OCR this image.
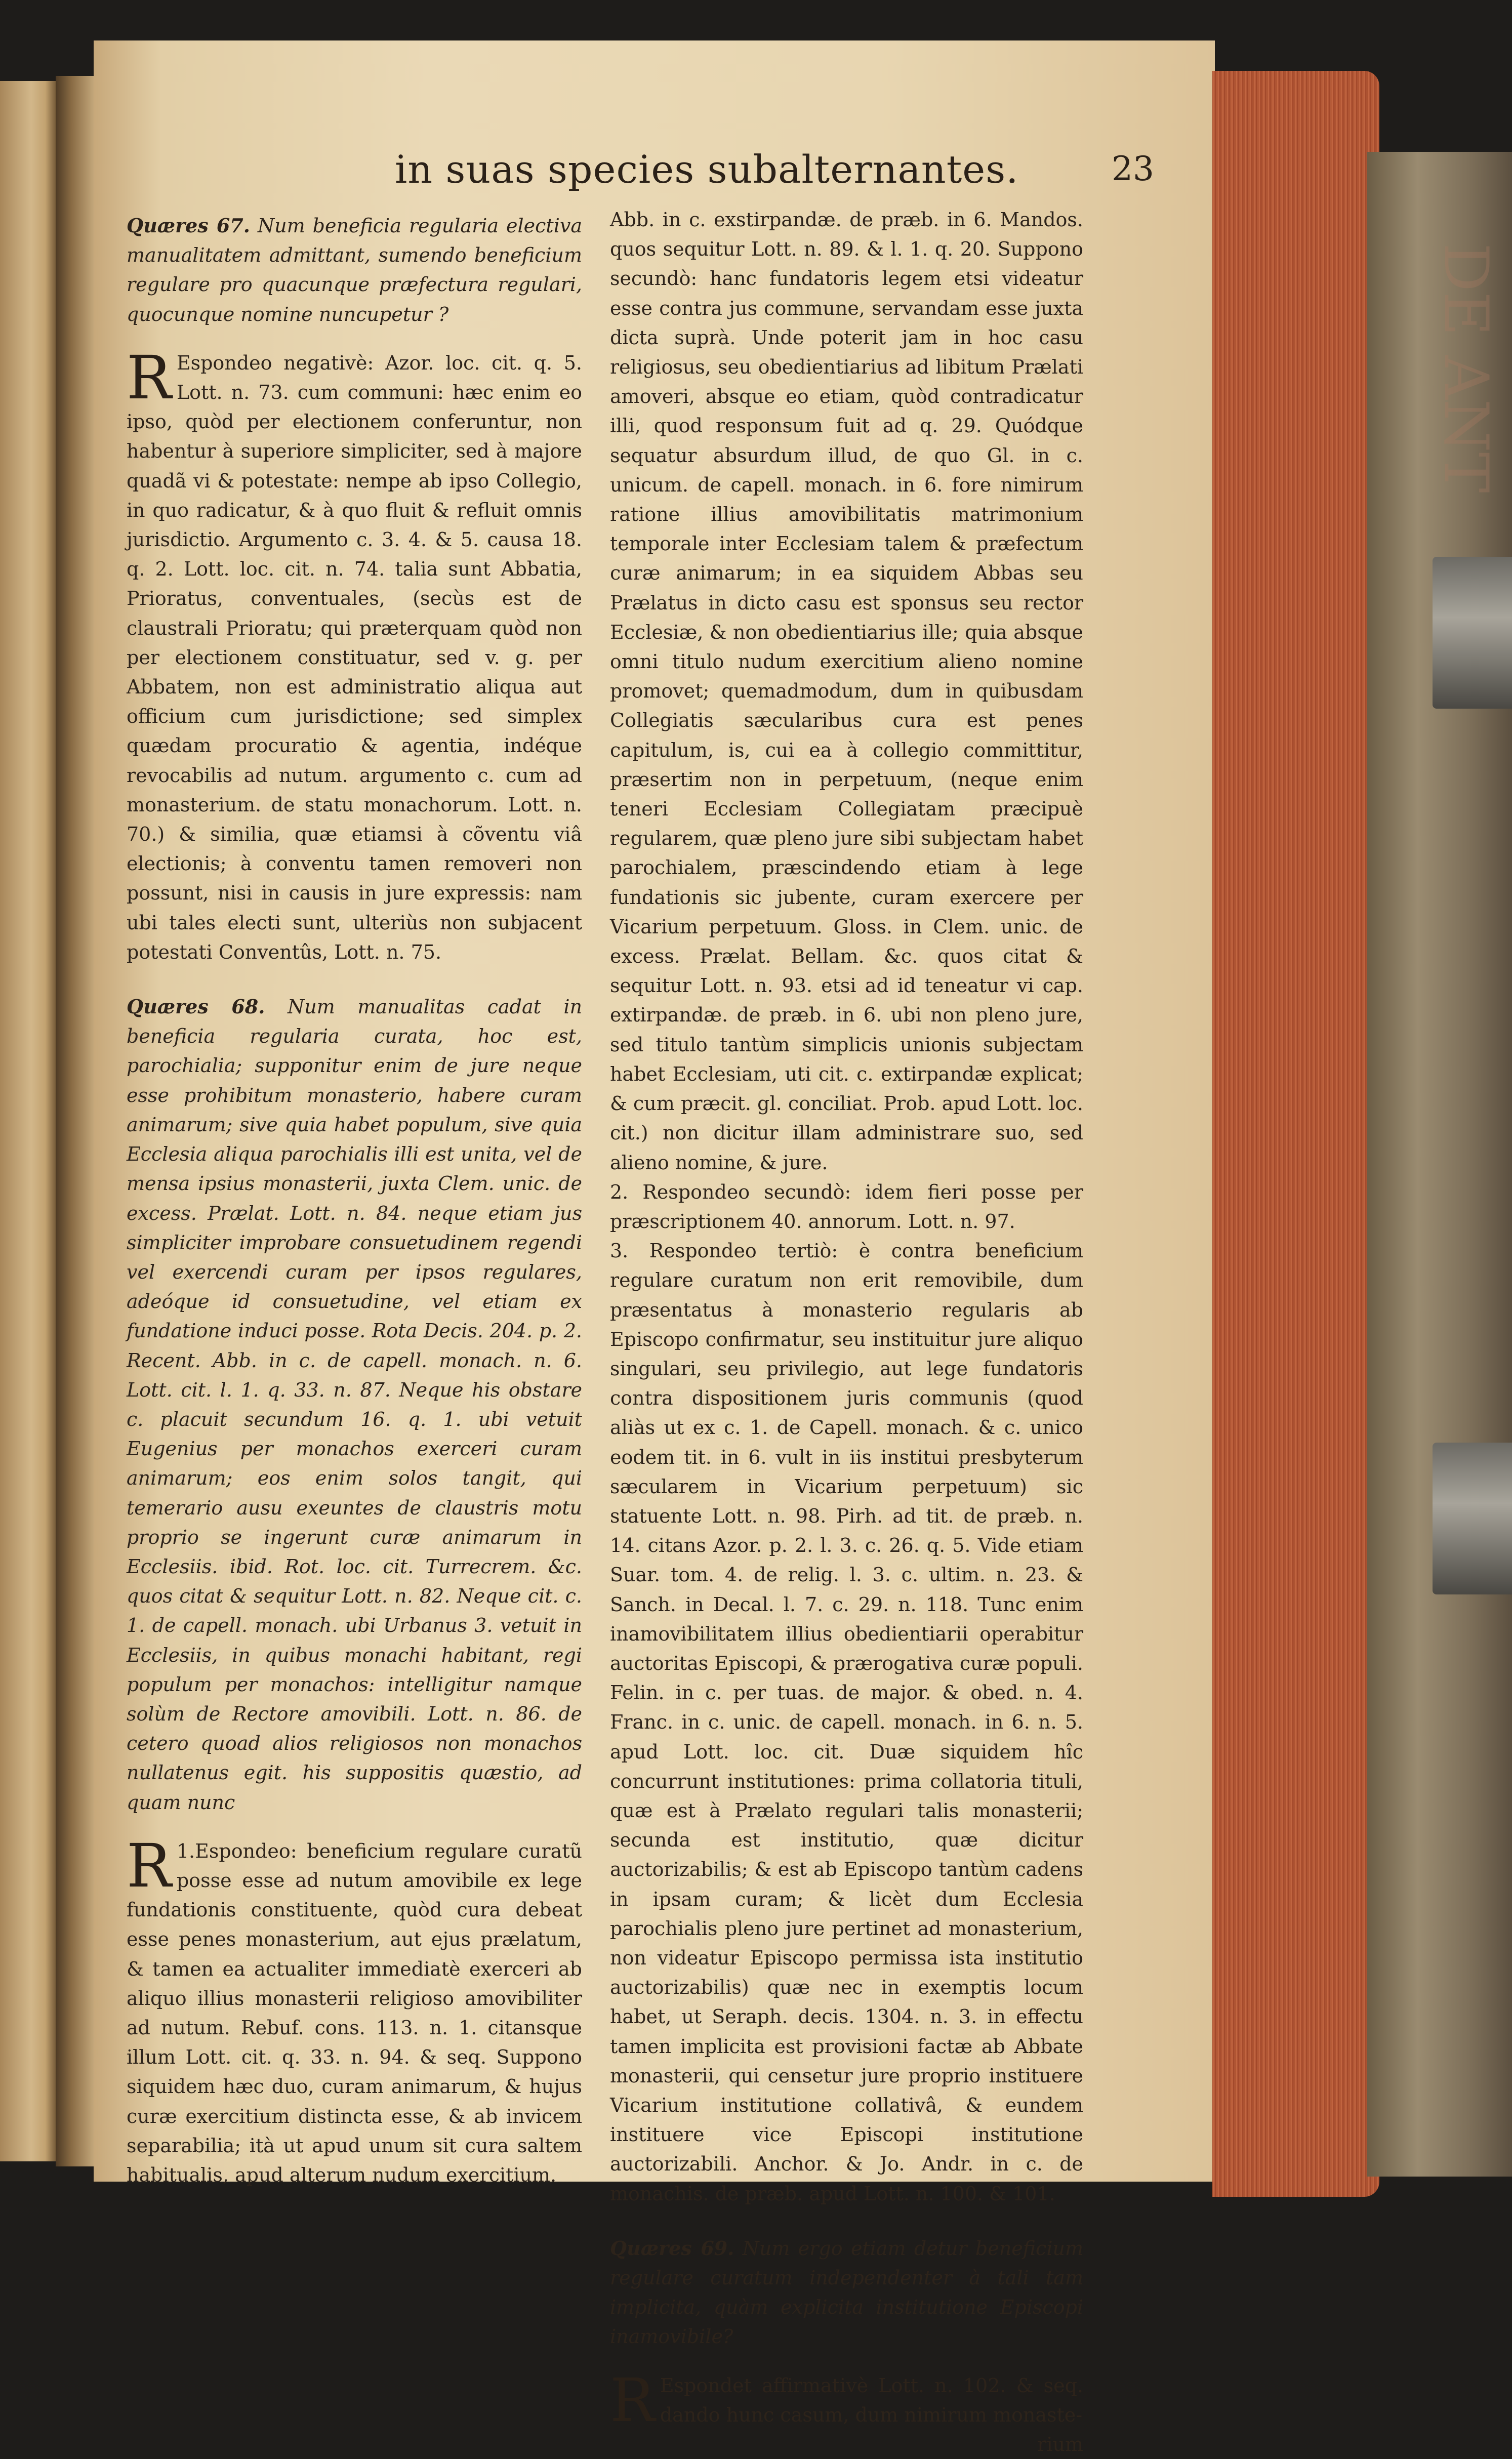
DE ANT
in suas species subalternantes.	23

Quæres 67. Num beneficia regularia electiva manualitatem admittant, sumendo beneficium regulare pro quacunque præfectura regulari, quocunque nomine nuncupetur ?

R Espondeo negativè: Azor. loc. cit. q. 5. Lott. n. 73. cum communi: hæc enim eo ipso, quòd per electionem conferuntur, non habentur à superiore simpliciter, sed à majore quadã vi & potestate: nempe ab ipso Collegio, in quo radicatur, & à quo fluit & refluit omnis jurisdictio. Argumento c. 3. 4. & 5. causa 18. q. 2. Lott. loc. cit. n. 74. talia sunt Abbatia, Prioratus, conventuales, (secùs est de claustrali Prioratu; qui præterquam quòd non per electionem constituatur, sed v. g. per Abbatem, non est administratio aliqua aut officium cum jurisdictione; sed simplex quædam procuratio & agentia, indéque revocabilis ad nutum. argumento c. cum ad monasterium. de statu monachorum. Lott. n. 70.) & similia, quæ etiamsi à cõventu viâ electionis; à conventu tamen removeri non possunt, nisi in causis in jure expressis: nam ubi tales electi sunt, ulteriùs non subjacent potestati Conventûs, Lott. n. 75.

Quæres 68. Num manualitas cadat in beneficia regularia curata, hoc est, parochialia; supponitur enim de jure neque esse prohibitum monasterio, habere curam animarum; sive quia habet populum, sive quia Ecclesia aliqua parochialis illi est unita, vel de mensa ipsius monasterii, juxta Clem. unic. de excess. Prælat. Lott. n. 84. neque etiam jus simpliciter improbare consuetudinem regendi vel exercendi curam per ipsos regulares, adeóque id consuetudine, vel etiam ex fundatione induci posse. Rota Decis. 204. p. 2. Recent. Abb. in c. de capell. monach. n. 6. Lott. cit. l. 1. q. 33. n. 87. Neque his obstare c. placuit secundum 16. q. 1. ubi vetuit Eugenius per monachos exerceri curam animarum; eos enim solos tangit, qui temerario ausu exeuntes de claustris motu proprio se ingerunt curæ animarum in Ecclesiis. ibid. Rot. loc. cit. Turrecrem. &c. quos citat & sequitur Lott. n. 82. Neque cit. c. 1. de capell. monach. ubi Urbanus 3. vetuit in Ecclesiis, in quibus monachi habitant, regi populum per monachos: intelligitur namque solùm de Rectore amovibili. Lott. n. 86. de cetero quoad alios religiosos non monachos nullatenus egit. his suppositis quæstio, ad quam nunc

1.
R Espondeo: beneficium regulare curatũ posse esse ad nutum amovibile ex lege fundationis constituente, quòd cura debeat esse penes monasterium, aut ejus prælatum, & tamen ea actualiter immediatè exerceri ab aliquo illius monasterii religioso amovibiliter ad nutum. Rebuf. cons. 113. n. 1. citansque illum Lott. cit. q. 33. n. 94. & seq. Suppono siquidem hæc duo, curam animarum, & hujus curæ exercitium distincta esse, & ab invicem separabilia; ità ut apud unum sit cura saltem habitualis, apud alterum nudum exercitium.

Abb. in c. exstirpandæ. de præb. in 6. Mandos. quos sequitur Lott. n. 89. & l. 1. q. 20. Suppono secundò: hanc fundatoris legem etsi videatur esse contra jus commune, servandam esse juxta dicta suprà. Unde poterit jam in hoc casu religiosus, seu obedientiarius ad libitum Prælati amoveri, absque eo etiam, quòd contradicatur illi, quod responsum fuit ad q. 29. Quódque sequatur absurdum illud, de quo Gl. in c. unicum. de capell. monach. in 6. fore nimirum ratione illius amovibilitatis matrimonium temporale inter Ecclesiam talem & præfectum curæ animarum; in ea siquidem Abbas seu Prælatus in dicto casu est sponsus seu rector Ecclesiæ, & non obedientiarius ille; quia absque omni titulo nudum exercitium alieno nomine promovet; quemadmodum, dum in quibusdam Collegiatis sæcularibus cura est penes capitulum, is, cui ea à collegio committitur, præsertim non in perpetuum, (neque enim teneri Ecclesiam Collegiatam præcipuè regularem, quæ pleno jure sibi subjectam habet parochialem, præscindendo etiam à lege fundationis sic jubente, curam exercere per Vicarium perpetuum. Gloss. in Clem. unic. de excess. Prælat. Bellam. &c. quos citat & sequitur Lott. n. 93. etsi ad id teneatur vi cap. extirpandæ. de præb. in 6. ubi non pleno jure, sed titulo tantùm simplicis unionis subjectam habet Ecclesiam, uti cit. c. extirpandæ explicat; & cum præcit. gl. conciliat. Prob. apud Lott. loc. cit.) non dicitur illam administrare suo, sed alieno nomine, & jure.

2. Respondeo secundò: idem fieri posse per præscriptionem 40. annorum. Lott. n. 97.

3. Respondeo tertiò: è contra beneficium regulare curatum non erit removibile, dum præsentatus à monasterio regularis ab Episcopo confirmatur, seu instituitur jure aliquo singulari, seu privilegio, aut lege fundatoris contra dispositionem juris communis (quod aliàs ut ex c. 1. de Capell. monach. & c. unico eodem tit. in 6. vult in iis institui presbyterum sæcularem in Vicarium perpetuum) sic statuente Lott. n. 98. Pirh. ad tit. de præb. n. 14. citans Azor. p. 2. l. 3. c. 26. q. 5. Vide etiam Suar. tom. 4. de relig. l. 3. c. ultim. n. 23. & Sanch. in Decal. l. 7. c. 29. n. 118. Tunc enim inamovibilitatem illius obedientiarii operabitur auctoritas Episcopi, & prærogativa curæ populi. Felin. in c. per tuas. de major. & obed. n. 4. Franc. in c. unic. de capell. monach. in 6. n. 5. apud Lott. loc. cit. Duæ siquidem hîc concurrunt institutiones: prima collatoria tituli, quæ est à Prælato regulari talis monasterii; secunda est institutio, quæ dicitur auctorizabilis; & est ab Episcopo tantùm cadens in ipsam curam; & licèt dum Ecclesia parochialis pleno jure pertinet ad monasterium, non videatur Episcopo permissa ista institutio auctorizabilis) quæ nec in exemptis locum habet, ut Seraph. decis. 1304. n. 3. in effectu tamen implicita est provisioni factæ ab Abbate monasterii, qui censetur jure proprio instituere Vicarium institutione collativâ, & eundem instituere vice Episcopi institutione auctorizabili. Anchor. & Jo. Andr. in c. de monachis. de præb. apud Lott. n. 100. & 101.

Quæres 69. Num ergo etiam detur beneficium regulare curatum independenter à tali tam implicita, quàm explicita institutione Episcopi inamovibile?

R Espondet affirmativè Lott. n. 102. & seq. dando hunc casum, dum nimirum monaste-

rium
